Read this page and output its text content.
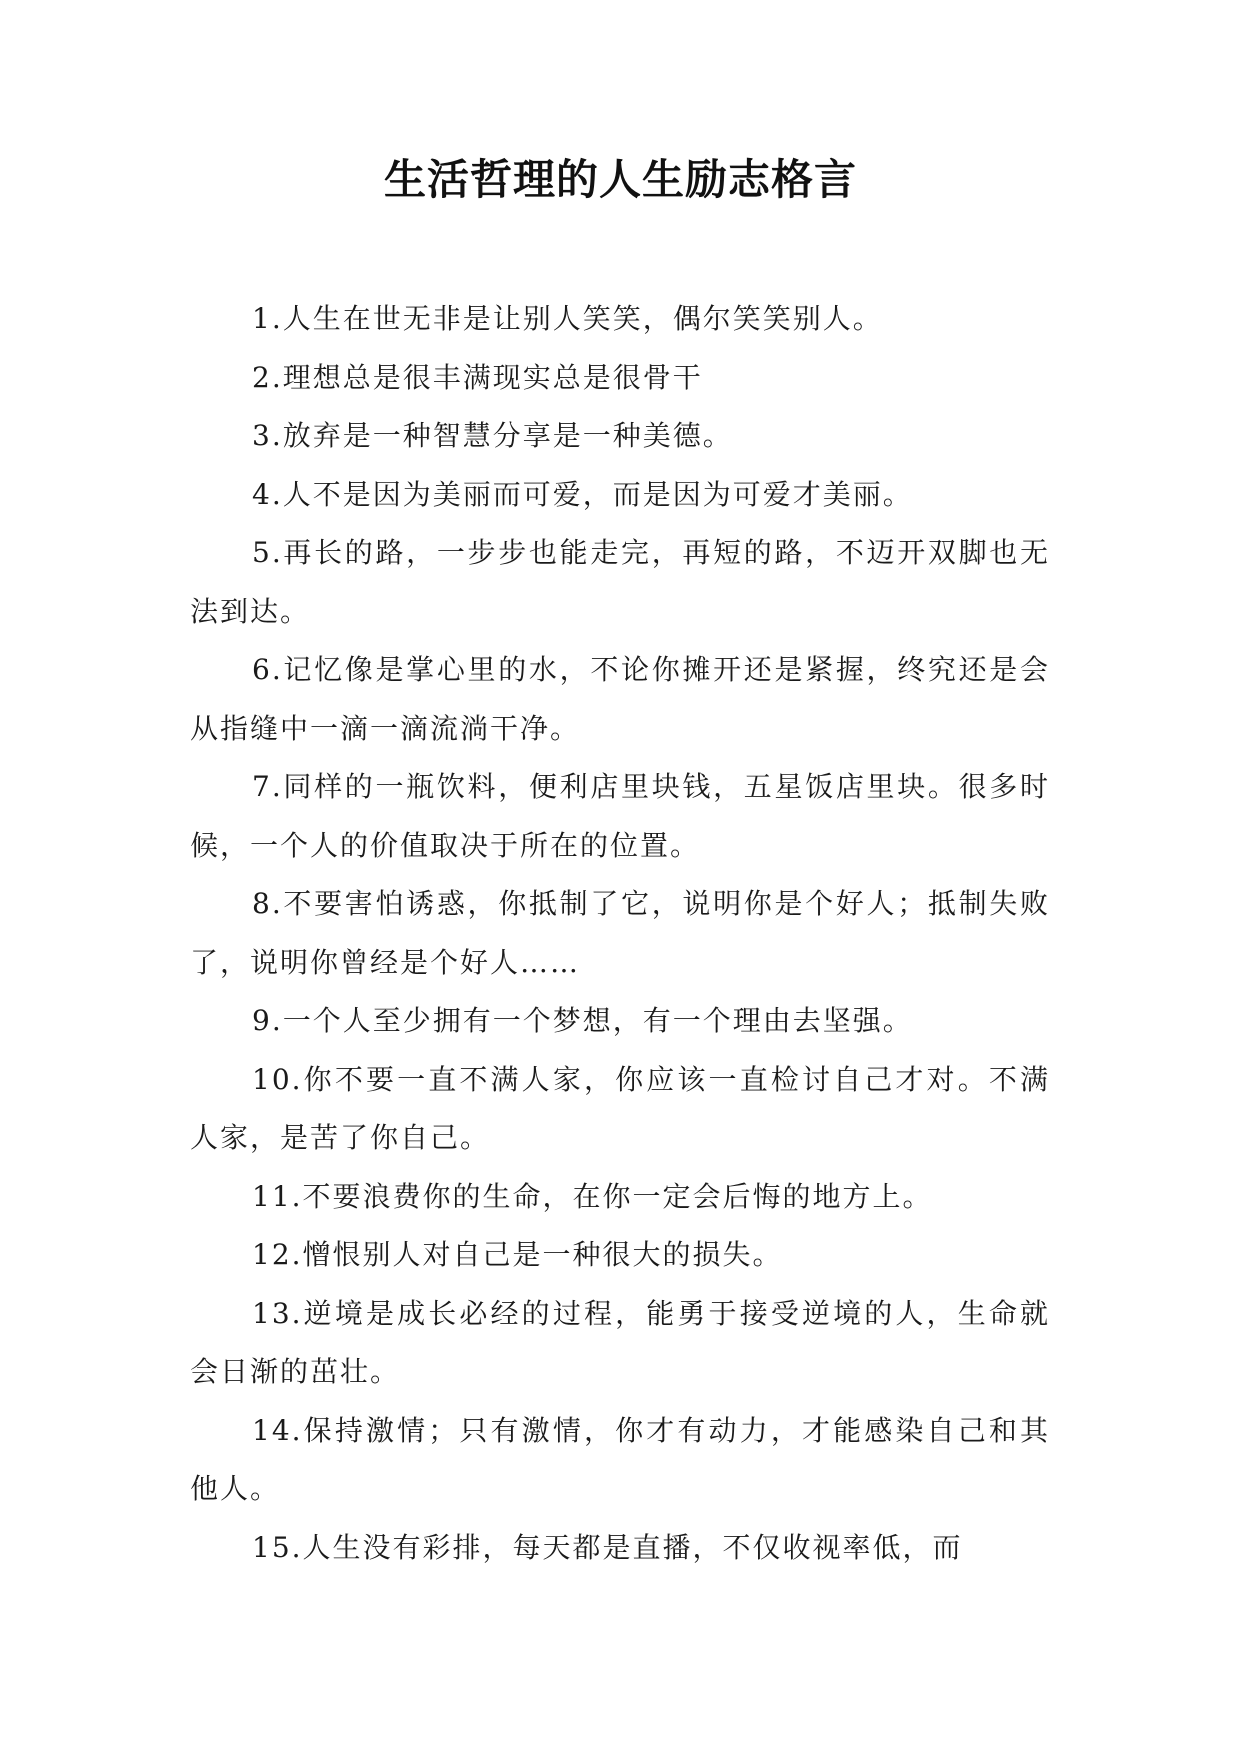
生活哲理的人生励志格言

1.人生在世无非是让别人笑笑，偶尔笑笑别人。

2.理想总是很丰满现实总是很骨干

3.放弃是一种智慧分享是一种美德。

4.人不是因为美丽而可爱，而是因为可爱才美丽。

5.再长的路，一步步也能走完，再短的路，不迈开双脚也无法到达。

6.记忆像是掌心里的水，不论你摊开还是紧握，终究还是会从指缝中一滴一滴流淌干净。

7.同样的一瓶饮料，便利店里块钱，五星饭店里块。很多时候，一个人的价值取决于所在的位置。

8.不要害怕诱惑，你抵制了它，说明你是个好人；抵制失败了，说明你曾经是个好人……

9.一个人至少拥有一个梦想，有一个理由去坚强。

10.你不要一直不满人家，你应该一直检讨自己才对。不满人家，是苦了你自己。

11.不要浪费你的生命，在你一定会后悔的地方上。

12.憎恨别人对自己是一种很大的损失。

13.逆境是成长必经的过程，能勇于接受逆境的人，生命就会日渐的茁壮。

14.保持激情；只有激情，你才有动力，才能感染自己和其他人。

15.人生没有彩排，每天都是直播，不仅收视率低，而
